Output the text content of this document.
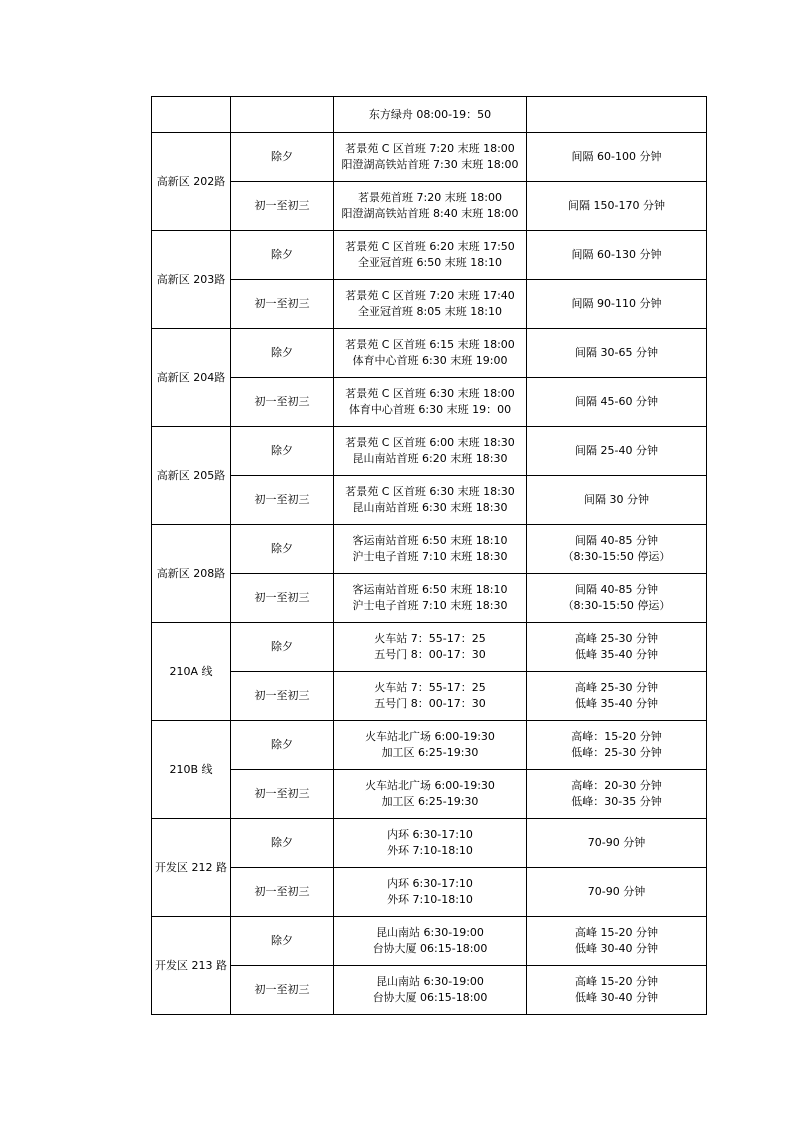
		东方绿舟 08:00-19：50	

高新区 202路	除夕	茗景苑 C 区首班 7:20 末班 18:00
阳澄湖高铁站首班 7:30 末班 18:00	间隔 60-100 分钟

	初一至初三	茗景苑首班 7:20 末班 18:00
阳澄湖高铁站首班 8:40 末班 18:00	间隔 150-170 分钟

高新区 203路	除夕	茗景苑 C 区首班 6:20 末班 17:50
全亚冠首班 6:50 末班 18:10	间隔 60-130 分钟

	初一至初三	茗景苑 C 区首班 7:20 末班 17:40
全亚冠首班 8:05 末班 18:10	间隔 90-110 分钟

高新区 204路	除夕	茗景苑 C 区首班 6:15 末班 18:00
体育中心首班 6:30 末班 19:00	间隔 30-65 分钟

	初一至初三	茗景苑 C 区首班 6:30 末班 18:00
体育中心首班 6:30 末班 19：00	间隔 45-60 分钟

高新区 205路	除夕	茗景苑 C 区首班 6:00 末班 18:30
昆山南站首班 6:20 末班 18:30	间隔 25-40 分钟

	初一至初三	茗景苑 C 区首班 6:30 末班 18:30
昆山南站首班 6:30 末班 18:30	间隔 30 分钟

高新区 208路	除夕	客运南站首班 6:50 末班 18:10
沪士电子首班 7:10 末班 18:30	间隔 40-85 分钟
（8:30-15:50 停运）

	初一至初三	客运南站首班 6:50 末班 18:10
沪士电子首班 7:10 末班 18:30	间隔 40-85 分钟
（8:30-15:50 停运）

210A 线	除夕	火车站 7：55-17：25
五号门 8：00-17：30	高峰 25-30 分钟
低峰 35-40 分钟

	初一至初三	火车站 7：55-17：25
五号门 8：00-17：30	高峰 25-30 分钟
低峰 35-40 分钟

210B 线	除夕	火车站北广场 6:00-19:30
加工区 6:25-19:30	高峰：15-20 分钟
低峰：25-30 分钟

	初一至初三	火车站北广场 6:00-19:30
加工区 6:25-19:30	高峰：20-30 分钟
低峰：30-35 分钟

开发区 212 路	除夕	内环 6:30-17:10
外环 7:10-18:10	70-90 分钟

	初一至初三	内环 6:30-17:10
外环 7:10-18:10	70-90 分钟

开发区 213 路	除夕	昆山南站 6:30-19:00
台协大厦 06:15-18:00	高峰 15-20 分钟
低峰 30-40 分钟

	初一至初三	昆山南站 6:30-19:00
台协大厦 06:15-18:00	高峰 15-20 分钟
低峰 30-40 分钟
